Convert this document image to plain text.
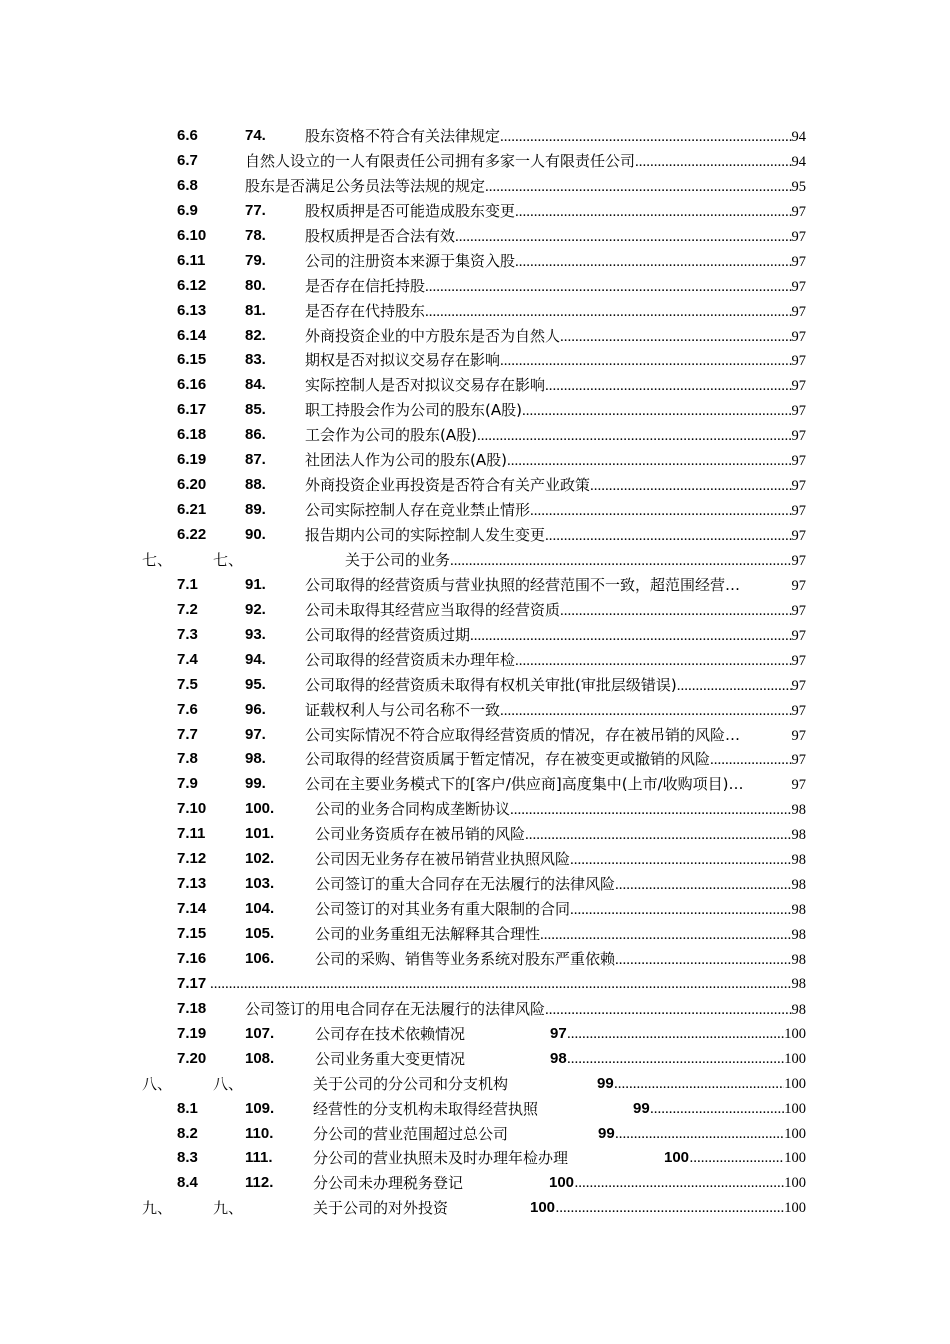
6.6	74.	股东资格不符合有关法律规定 .....	94
6.7	自然人设立的一人有限责任公司拥有多家一人有限责任公司 .....	94
6.8	股东是否满足公务员法等法规的规定 .....	95
6.9	77.	股权质押是否可能造成股东变更 .....	97
6.10	78.	股权质押是否合法有效 .....	97
6.11	79.	公司的注册资本来源于集资入股 .....	97
6.12	80.	是否存在信托持股 .....	97
6.13	81.	是否存在代持股东 .....	97
6.14	82.	外商投资企业的中方股东是否为自然人 .....	97
6.15	83.	期权是否对拟议交易存在影响 .....	97
6.16	84.	实际控制人是否对拟议交易存在影响 .....	97
6.17	85.	职工持股会作为公司的股东(A股) .....	97
6.18	86.	工会作为公司的股东(A股) .....	97
6.19	87.	社团法人作为公司的股东(A股) .....	97
6.20	88.	外商投资企业再投资是否符合有关产业政策 .....	97
6.21	89.	公司实际控制人存在竞业禁止情形 .....	97
6.22	90.	报告期内公司的实际控制人发生变更 .....	97
七、	七、	关于公司的业务 .....	97
7.1	91.	公司取得的经营资质与营业执照的经营范围不一致，超范围经营…	97
7.2	92.	公司未取得其经营应当取得的经营资质 .....	97
7.3	93.	公司取得的经营资质过期 .....	97
7.4	94.	公司取得的经营资质未办理年检 .....	97
7.5	95.	公司取得的经营资质未取得有权机关审批(审批层级错误) .....	97
7.6	96.	证载权利人与公司名称不一致 .....	97
7.7	97.	公司实际情况不符合应取得经营资质的情况，存在被吊销的风险…	97
7.8	98.	公司取得的经营资质属于暂定情况，存在被变更或撤销的风险 .....	97
7.9	99.	公司在主要业务模式下的[客户/供应商]高度集中(上市/收购项目)…	97
7.10	100.	公司的业务合同构成垄断协议 .....	98
7.11	101.	公司业务资质存在被吊销的风险 .....	98
7.12	102.	公司因无业务存在被吊销营业执照风险 .....	98
7.13	103.	公司签订的重大合同存在无法履行的法律风险 .....	98
7.14	104.	公司签订的对其业务有重大限制的合同 .....	98
7.15	105.	公司的业务重组无法解释其合理性 .....	98
7.16	106.	公司的采购、销售等业务系统对股东严重依赖 .....	98
7.17 .....	98
7.18	公司签订的用电合同存在无法履行的法律风险 .....	98
7.19	107.	公司存在技术依赖情况	97 .....	100
7.20	108.	公司业务重大变更情况	98 .....	100
八、	八、	关于公司的分公司和分支机构	99 .....	100
8.1	109.	经营性的分支机构未取得经营执照	99 .....	100
8.2	110.	分公司的营业范围超过总公司	99 .....	100
8.3	111.	分公司的营业执照未及时办理年检办理	100 .....	100
8.4	112.	分公司未办理税务登记	100 .....	100
九、	九、	关于公司的对外投资	100 .....	100
